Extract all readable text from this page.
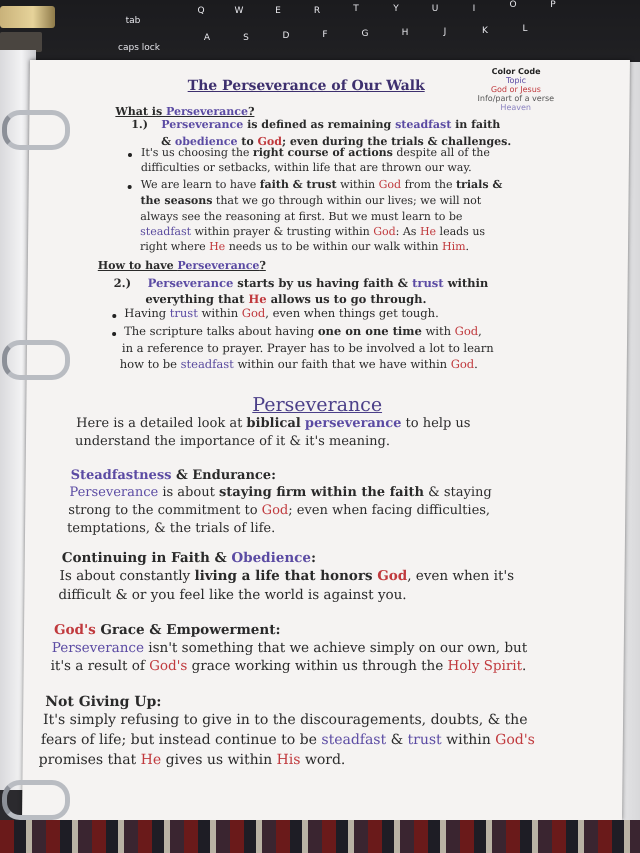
Q	W	E	R	T	Y	U	I	O	P
tab
caps lock
A	S	D	F	G	H	J	K	L
The Perseverance of Our Walk
Color Code
Topic
God or Jesus
Info/part of a verse
Heaven
What is Perseverance?
1.) Perseverance is defined as remaining steadfast in faith
& obedience to God; even during the trials & challenges.
It's us choosing the right course of actions despite all of the
difficulties or setbacks, within life that are thrown our way.
We are learn to have faith & trust within God from the trials &
the seasons that we go through within our lives; we will not
always see the reasoning at first. But we must learn to be
steadfast within prayer & trusting within God: As He leads us
right where He needs us to be within our walk within Him.
How to have Perseverance?
2.) Perseverance starts by us having faith & trust within
everything that He allows us to go through.
Having trust within God, even when things get tough.
The scripture talks about having one on one time with God,
in a reference to prayer. Prayer has to be involved a lot to learn
how to be steadfast within our faith that we have within God.
Perseverance
Here is a detailed look at biblical perseverance to help us
understand the importance of it & it's meaning.
Steadfastness & Endurance:
Perseverance is about staying firm within the faith & staying
strong to the commitment to God; even when facing difficulties,
temptations, & the trials of life.
Continuing in Faith & Obedience:
Is about constantly living a life that honors God, even when it's
difficult & or you feel like the world is against you.
God's Grace & Empowerment:
Perseverance isn't something that we achieve simply on our own, but
it's a result of God's grace working within us through the Holy Spirit.
Not Giving Up:
It's simply refusing to give in to the discouragements, doubts, & the
fears of life; but instead continue to be steadfast & trust within God's
promises that He gives us within His word.
